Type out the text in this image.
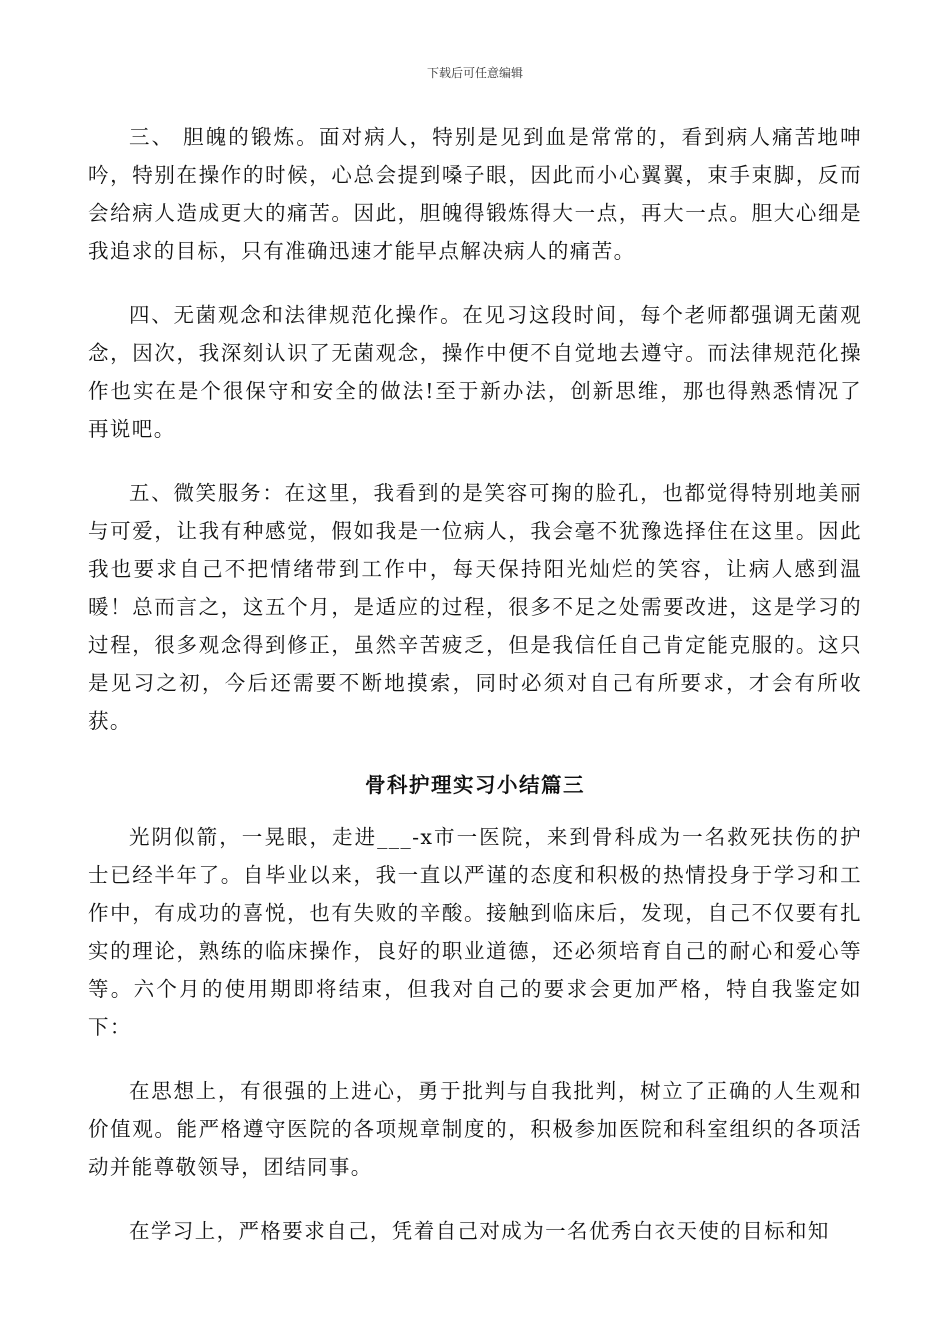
下载后可任意编辑

三、 胆魄的锻炼。面对病人，特别是见到血是常常的，看到病人痛苦地呻吟，特别在操作的时候，心总会提到嗓子眼，因此而小心翼翼，束手束脚，反而会给病人造成更大的痛苦。因此，胆魄得锻炼得大一点，再大一点。胆大心细是我追求的目标，只有准确迅速才能早点解决病人的痛苦。

四、无菌观念和法律规范化操作。在见习这段时间，每个老师都强调无菌观念，因次，我深刻认识了无菌观念，操作中便不自觉地去遵守。而法律规范化操作也实在是个很保守和安全的做法!至于新办法，创新思维，那也得熟悉情况了再说吧。

五、微笑服务：在这里，我看到的是笑容可掬的脸孔，也都觉得特别地美丽与可爱，让我有种感觉，假如我是一位病人，我会毫不犹豫选择住在这里。因此我也要求自己不把情绪带到工作中，每天保持阳光灿烂的笑容，让病人感到温暖！总而言之，这五个月，是适应的过程，很多不足之处需要改进，这是学习的过程，很多观念得到修正，虽然辛苦疲乏，但是我信任自己肯定能克服的。这只是见习之初，今后还需要不断地摸索，同时必须对自己有所要求，才会有所收获。

骨科护理实习小结篇三

光阴似箭，一晃眼，走进___-x市一医院，来到骨科成为一名救死扶伤的护士已经半年了。自毕业以来，我一直以严谨的态度和积极的热情投身于学习和工作中，有成功的喜悦，也有失败的辛酸。接触到临床后，发现，自己不仅要有扎实的理论，熟练的临床操作，良好的职业道德，还必须培育自己的耐心和爱心等等。六个月的使用期即将结束，但我对自己的要求会更加严格，特自我鉴定如下：

在思想上，有很强的上进心，勇于批判与自我批判，树立了正确的人生观和价值观。能严格遵守医院的各项规章制度的，积极参加医院和科室组织的各项活动并能尊敬领导，团结同事。

在学习上，严格要求自己，凭着自己对成为一名优秀白衣天使的目标和知
